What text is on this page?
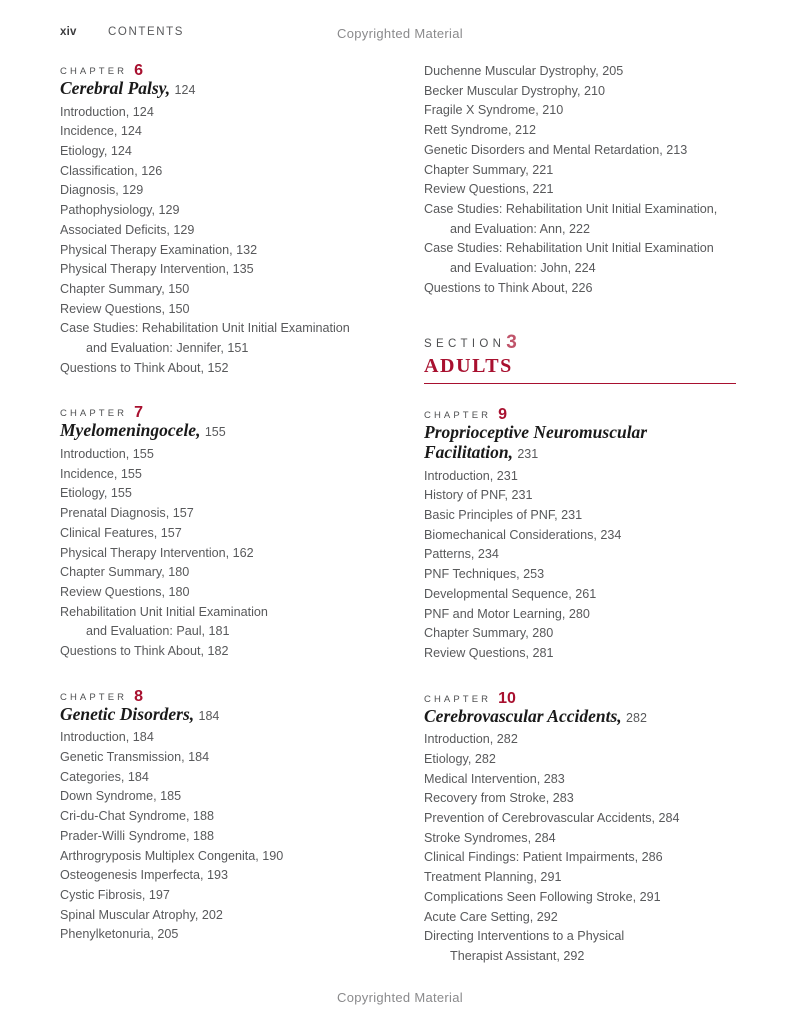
xiv	CONTENTS	Copyrighted Material
CHAPTER 6
Cerebral Palsy, 124
Introduction, 124
Incidence, 124
Etiology, 124
Classification, 126
Diagnosis, 129
Pathophysiology, 129
Associated Deficits, 129
Physical Therapy Examination, 132
Physical Therapy Intervention, 135
Chapter Summary, 150
Review Questions, 150
Case Studies: Rehabilitation Unit Initial Examination
and Evaluation: Jennifer, 151
Questions to Think About, 152
CHAPTER 7
Myelomeningocele, 155
Introduction, 155
Incidence, 155
Etiology, 155
Prenatal Diagnosis, 157
Clinical Features, 157
Physical Therapy Intervention, 162
Chapter Summary, 180
Review Questions, 180
Rehabilitation Unit Initial Examination
and Evaluation: Paul, 181
Questions to Think About, 182
CHAPTER 8
Genetic Disorders, 184
Introduction, 184
Genetic Transmission, 184
Categories, 184
Down Syndrome, 185
Cri-du-Chat Syndrome, 188
Prader-Willi Syndrome, 188
Arthrogryposis Multiplex Congenita, 190
Osteogenesis Imperfecta, 193
Cystic Fibrosis, 197
Spinal Muscular Atrophy, 202
Phenylketonuria, 205
Duchenne Muscular Dystrophy, 205
Becker Muscular Dystrophy, 210
Fragile X Syndrome, 210
Rett Syndrome, 212
Genetic Disorders and Mental Retardation, 213
Chapter Summary, 221
Review Questions, 221
Case Studies: Rehabilitation Unit Initial Examination,
and Evaluation: Ann, 222
Case Studies: Rehabilitation Unit Initial Examination
and Evaluation: John, 224
Questions to Think About, 226
SECTION 3
ADULTS
CHAPTER 9
Proprioceptive Neuromuscular Facilitation, 231
Introduction, 231
History of PNF, 231
Basic Principles of PNF, 231
Biomechanical Considerations, 234
Patterns, 234
PNF Techniques, 253
Developmental Sequence, 261
PNF and Motor Learning, 280
Chapter Summary, 280
Review Questions, 281
CHAPTER 10
Cerebrovascular Accidents, 282
Introduction, 282
Etiology, 282
Medical Intervention, 283
Recovery from Stroke, 283
Prevention of Cerebrovascular Accidents, 284
Stroke Syndromes, 284
Clinical Findings: Patient Impairments, 286
Treatment Planning, 291
Complications Seen Following Stroke, 291
Acute Care Setting, 292
Directing Interventions to a Physical
Therapist Assistant, 292
Copyrighted Material
